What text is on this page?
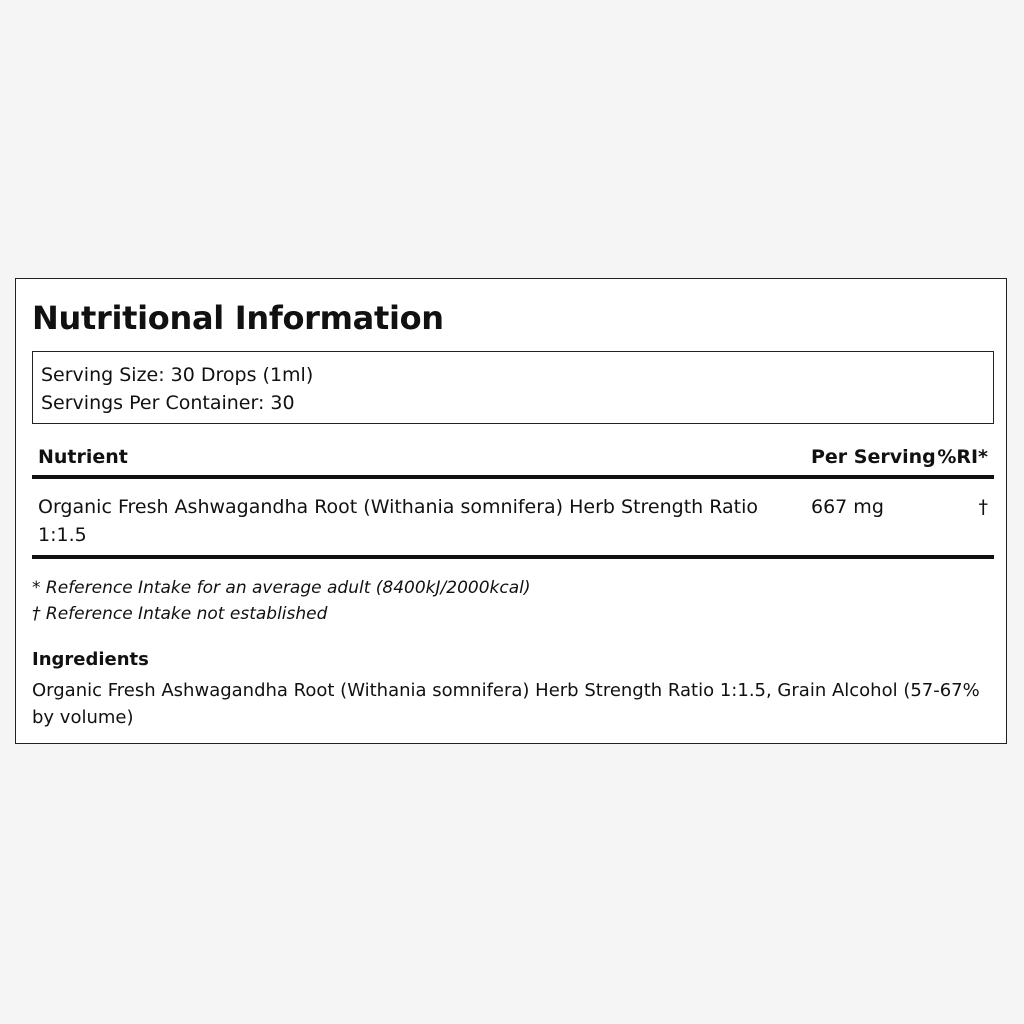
Nutritional Information
Serving Size: 30 Drops (1ml)
Servings Per Container: 30
Nutrient	Per Serving %RI*
Organic Fresh Ashwagandha Root (Withania somnifera) Herb Strength Ratio 1:1.5
667 mg	†
* Reference Intake for an average adult (8400kJ/2000kcal)
† Reference Intake not established
Ingredients
Organic Fresh Ashwagandha Root (Withania somnifera) Herb Strength Ratio 1:1.5, Grain Alcohol (57-67% by volume)
